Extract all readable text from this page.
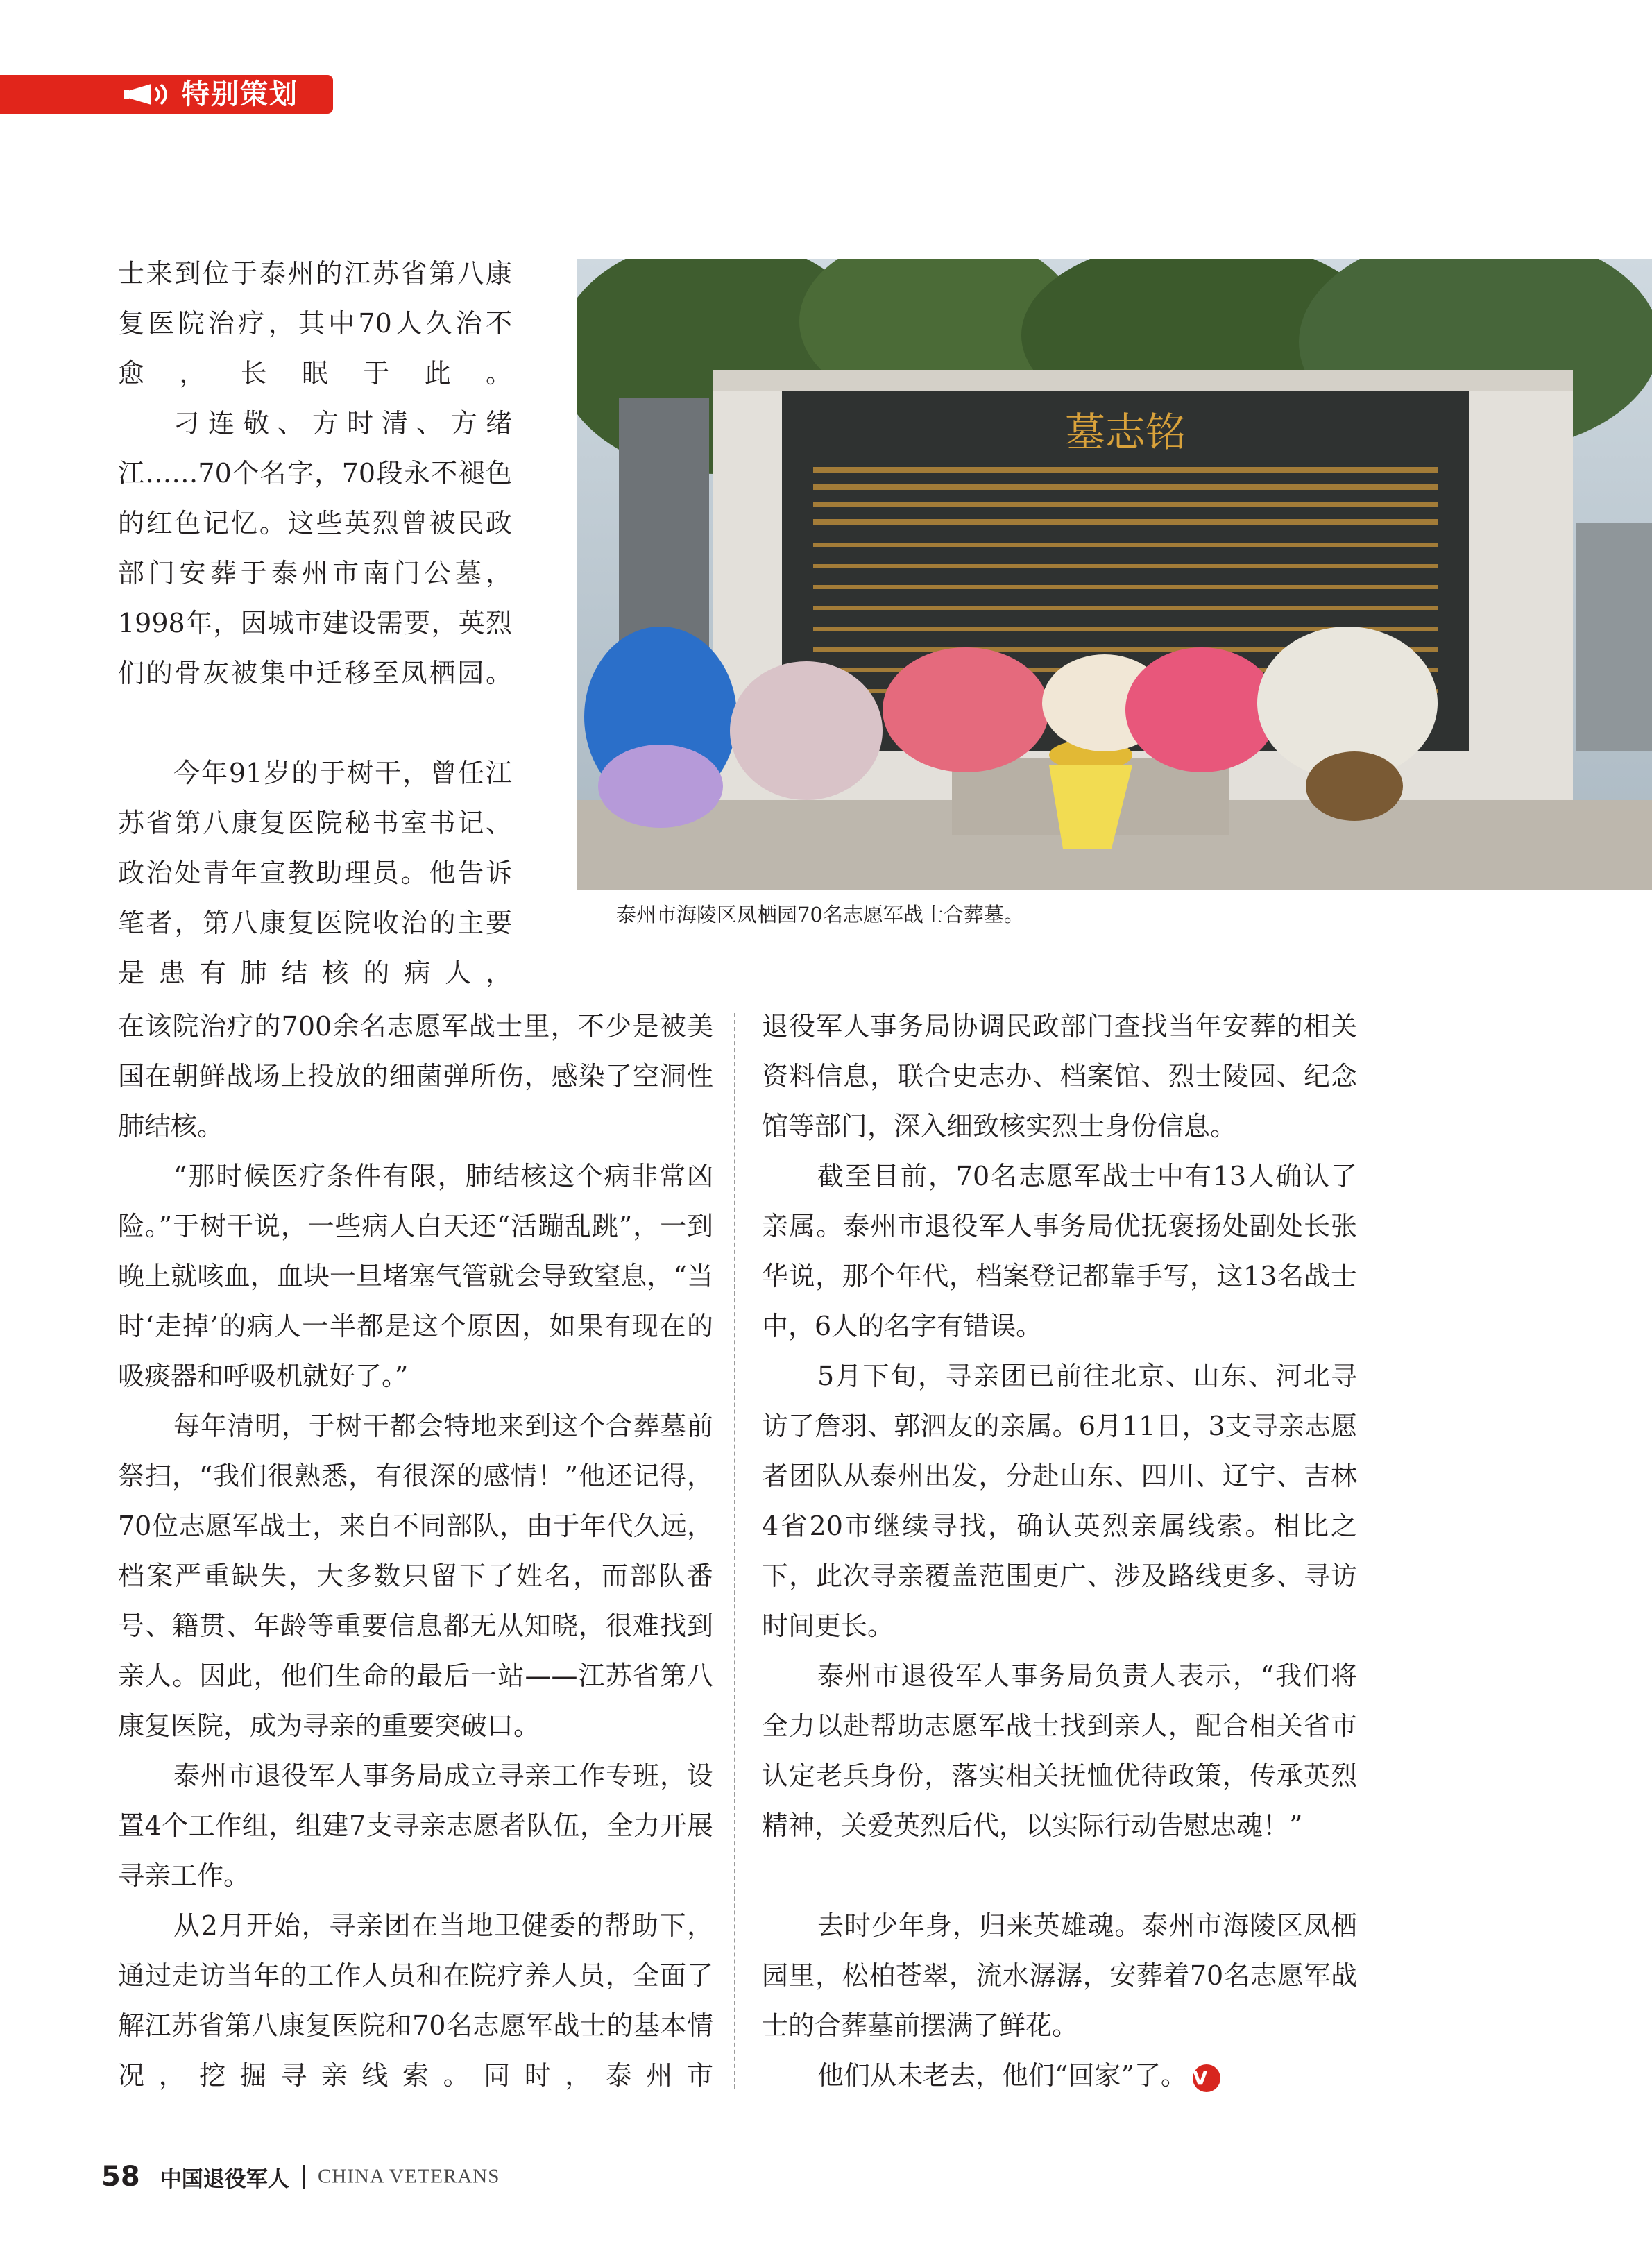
特别策划

士来到位于泰州的江苏省第八康复医院治疗，其中70人久治不愈，长眠于此。

刁连敬、方时清、方绪江……70个名字，70段永不褪色的红色记忆。这些英烈曾被民政部门安葬于泰州市南门公墓，1998年，因城市建设需要，英烈们的骨灰被集中迁移至凤栖园。

今年91岁的于树干，曾任江苏省第八康复医院秘书室书记、政治处青年宣教助理员。他告诉笔者，第八康复医院收治的主要是患有肺结核的病人，

墓志铭
泰州市海陵区凤栖园70名志愿军战士合葬墓。

在该院治疗的700余名志愿军战士里，不少是被美国在朝鲜战场上投放的细菌弹所伤，感染了空洞性肺结核。

“那时候医疗条件有限，肺结核这个病非常凶险。”于树干说，一些病人白天还“活蹦乱跳”，一到晚上就咳血，血块一旦堵塞气管就会导致窒息，“当时‘走掉’的病人一半都是这个原因，如果有现在的吸痰器和呼吸机就好了。”

每年清明，于树干都会特地来到这个合葬墓前祭扫，“我们很熟悉，有很深的感情！”他还记得，70位志愿军战士，来自不同部队，由于年代久远，档案严重缺失，大多数只留下了姓名，而部队番号、籍贯、年龄等重要信息都无从知晓，很难找到亲人。因此，他们生命的最后一站——江苏省第八康复医院，成为寻亲的重要突破口。

泰州市退役军人事务局成立寻亲工作专班，设置4个工作组，组建7支寻亲志愿者队伍，全力开展寻亲工作。

从2月开始，寻亲团在当地卫健委的帮助下，通过走访当年的工作人员和在院疗养人员，全面了解江苏省第八康复医院和70名志愿军战士的基本情况，挖掘寻亲线索。同时，泰州市

退役军人事务局协调民政部门查找当年安葬的相关资料信息，联合史志办、档案馆、烈士陵园、纪念馆等部门，深入细致核实烈士身份信息。

截至目前，70名志愿军战士中有13人确认了亲属。泰州市退役军人事务局优抚褒扬处副处长张华说，那个年代，档案登记都靠手写，这13名战士中，6人的名字有错误。

5月下旬，寻亲团已前往北京、山东、河北寻访了詹羽、郭泗友的亲属。6月11日，3支寻亲志愿者团队从泰州出发，分赴山东、四川、辽宁、吉林4省20市继续寻找，确认英烈亲属线索。相比之下，此次寻亲覆盖范围更广、涉及路线更多、寻访时间更长。

泰州市退役军人事务局负责人表示，“我们将全力以赴帮助志愿军战士找到亲人，配合相关省市认定老兵身份，落实相关抚恤优待政策，传承英烈精神，关爱英烈后代，以实际行动告慰忠魂！”

去时少年身，归来英雄魂。泰州市海陵区凤栖园里，松柏苍翠，流水潺潺，安葬着70名志愿军战士的合葬墓前摆满了鲜花。

他们从未老去，他们“回家”了。 V

58 中国退役军人 CHINA VETERANS
